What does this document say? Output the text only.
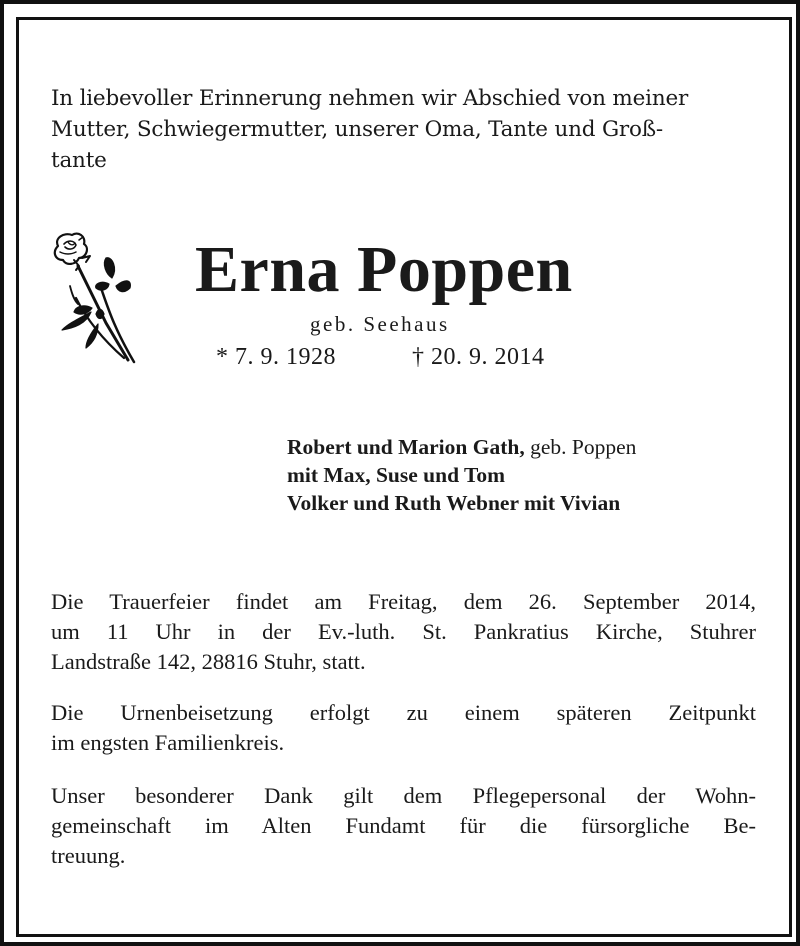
In liebevoller Erinnerung nehmen wir Abschied von meiner
Mutter, Schwiegermutter, unserer Oma, Tante und Groß-
tante
Erna Poppen
geb. Seehaus
* 7. 9. 1928	† 20. 9. 2014
Robert und Marion Gath, geb. Poppen
mit Max, Suse und Tom
Volker und Ruth Webner mit Vivian
Die Trauerfeier findet am Freitag, dem 26. September 2014,
um 11 Uhr in der Ev.-luth. St. Pankratius Kirche, Stuhrer
Landstraße 142, 28816 Stuhr, statt.
Die Urnenbeisetzung erfolgt zu einem späteren Zeitpunkt
im engsten Familienkreis.
Unser besonderer Dank gilt dem Pflegepersonal der Wohn-
gemeinschaft im Alten Fundamt für die fürsorgliche Be-
treuung.
